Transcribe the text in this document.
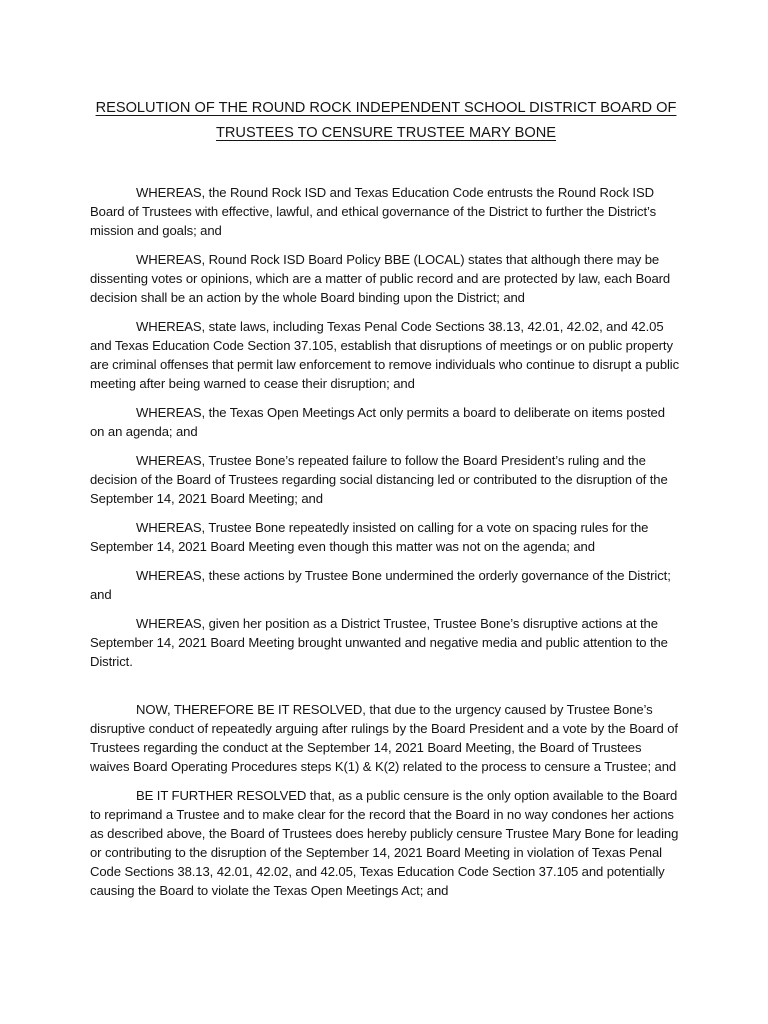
RESOLUTION OF THE ROUND ROCK INDEPENDENT SCHOOL DISTRICT BOARD OF
TRUSTEES TO CENSURE TRUSTEE MARY BONE

WHEREAS, the Round Rock ISD and Texas Education Code entrusts the Round Rock ISD Board of Trustees with effective, lawful, and ethical governance of the District to further the District’s mission and goals; and

WHEREAS, Round Rock ISD Board Policy BBE (LOCAL) states that although there may be dissenting votes or opinions, which are a matter of public record and are protected by law, each Board decision shall be an action by the whole Board binding upon the District; and

WHEREAS, state laws, including Texas Penal Code Sections 38.13, 42.01, 42.02, and 42.05 and Texas Education Code Section 37.105, establish that disruptions of meetings or on public property are criminal offenses that permit law enforcement to remove individuals who continue to disrupt a public meeting after being warned to cease their disruption; and

WHEREAS, the Texas Open Meetings Act only permits a board to deliberate on items posted on an agenda; and

WHEREAS, Trustee Bone’s repeated failure to follow the Board President’s ruling and the decision of the Board of Trustees regarding social distancing led or contributed to the disruption of the September 14, 2021 Board Meeting; and

WHEREAS, Trustee Bone repeatedly insisted on calling for a vote on spacing rules for the September 14, 2021 Board Meeting even though this matter was not on the agenda; and

WHEREAS, these actions by Trustee Bone undermined the orderly governance of the District; and

WHEREAS, given her position as a District Trustee, Trustee Bone’s disruptive actions at the September 14, 2021 Board Meeting brought unwanted and negative media and public attention to the District.

NOW, THEREFORE BE IT RESOLVED, that due to the urgency caused by Trustee Bone’s disruptive conduct of repeatedly arguing after rulings by the Board President and a vote by the Board of Trustees regarding the conduct at the September 14, 2021 Board Meeting, the Board of Trustees waives Board Operating Procedures steps K(1) & K(2) related to the process to censure a Trustee; and

BE IT FURTHER RESOLVED that, as a public censure is the only option available to the Board to reprimand a Trustee and to make clear for the record that the Board in no way condones her actions as described above, the Board of Trustees does hereby publicly censure Trustee Mary Bone for leading or contributing to the disruption of the September 14, 2021 Board Meeting in violation of Texas Penal Code Sections 38.13, 42.01, 42.02, and 42.05, Texas Education Code Section 37.105 and potentially causing the Board to violate the Texas Open Meetings Act; and
